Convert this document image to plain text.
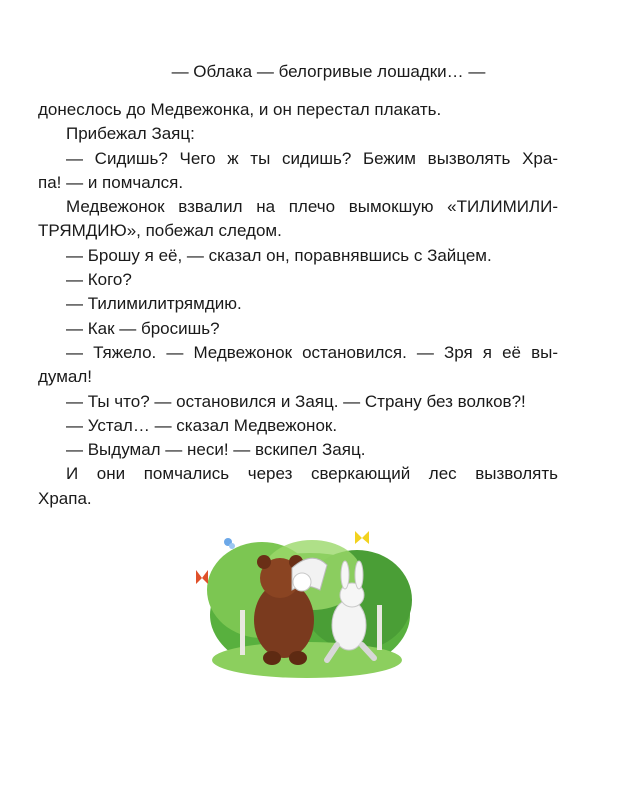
— Облака — белогривые лошадки… —
донеслось до Медвежонка, и он перестал плакать.
Прибежал Заяц:
— Сидишь? Чего ж ты сидишь? Бежим вызволять Хра-
па! — и помчался.
Медвежонок взвалил на плечо вымокшую «ТИЛИМИЛИ-
ТРЯМДИЮ», побежал следом.
— Брошу я её, — сказал он, поравнявшись с Зайцем.
— Кого?
— Тилимилитрямдию.
— Как — бросишь?
— Тяжело. — Медвежонок остановился. — Зря я её вы-
думал!
— Ты что? — остановился и Заяц. — Страну без волков?!
— Устал… — сказал Медвежонок.
— Выдумал — неси! — вскипел Заяц.
И они помчались через сверкающий лес вызволять
Храпа.
